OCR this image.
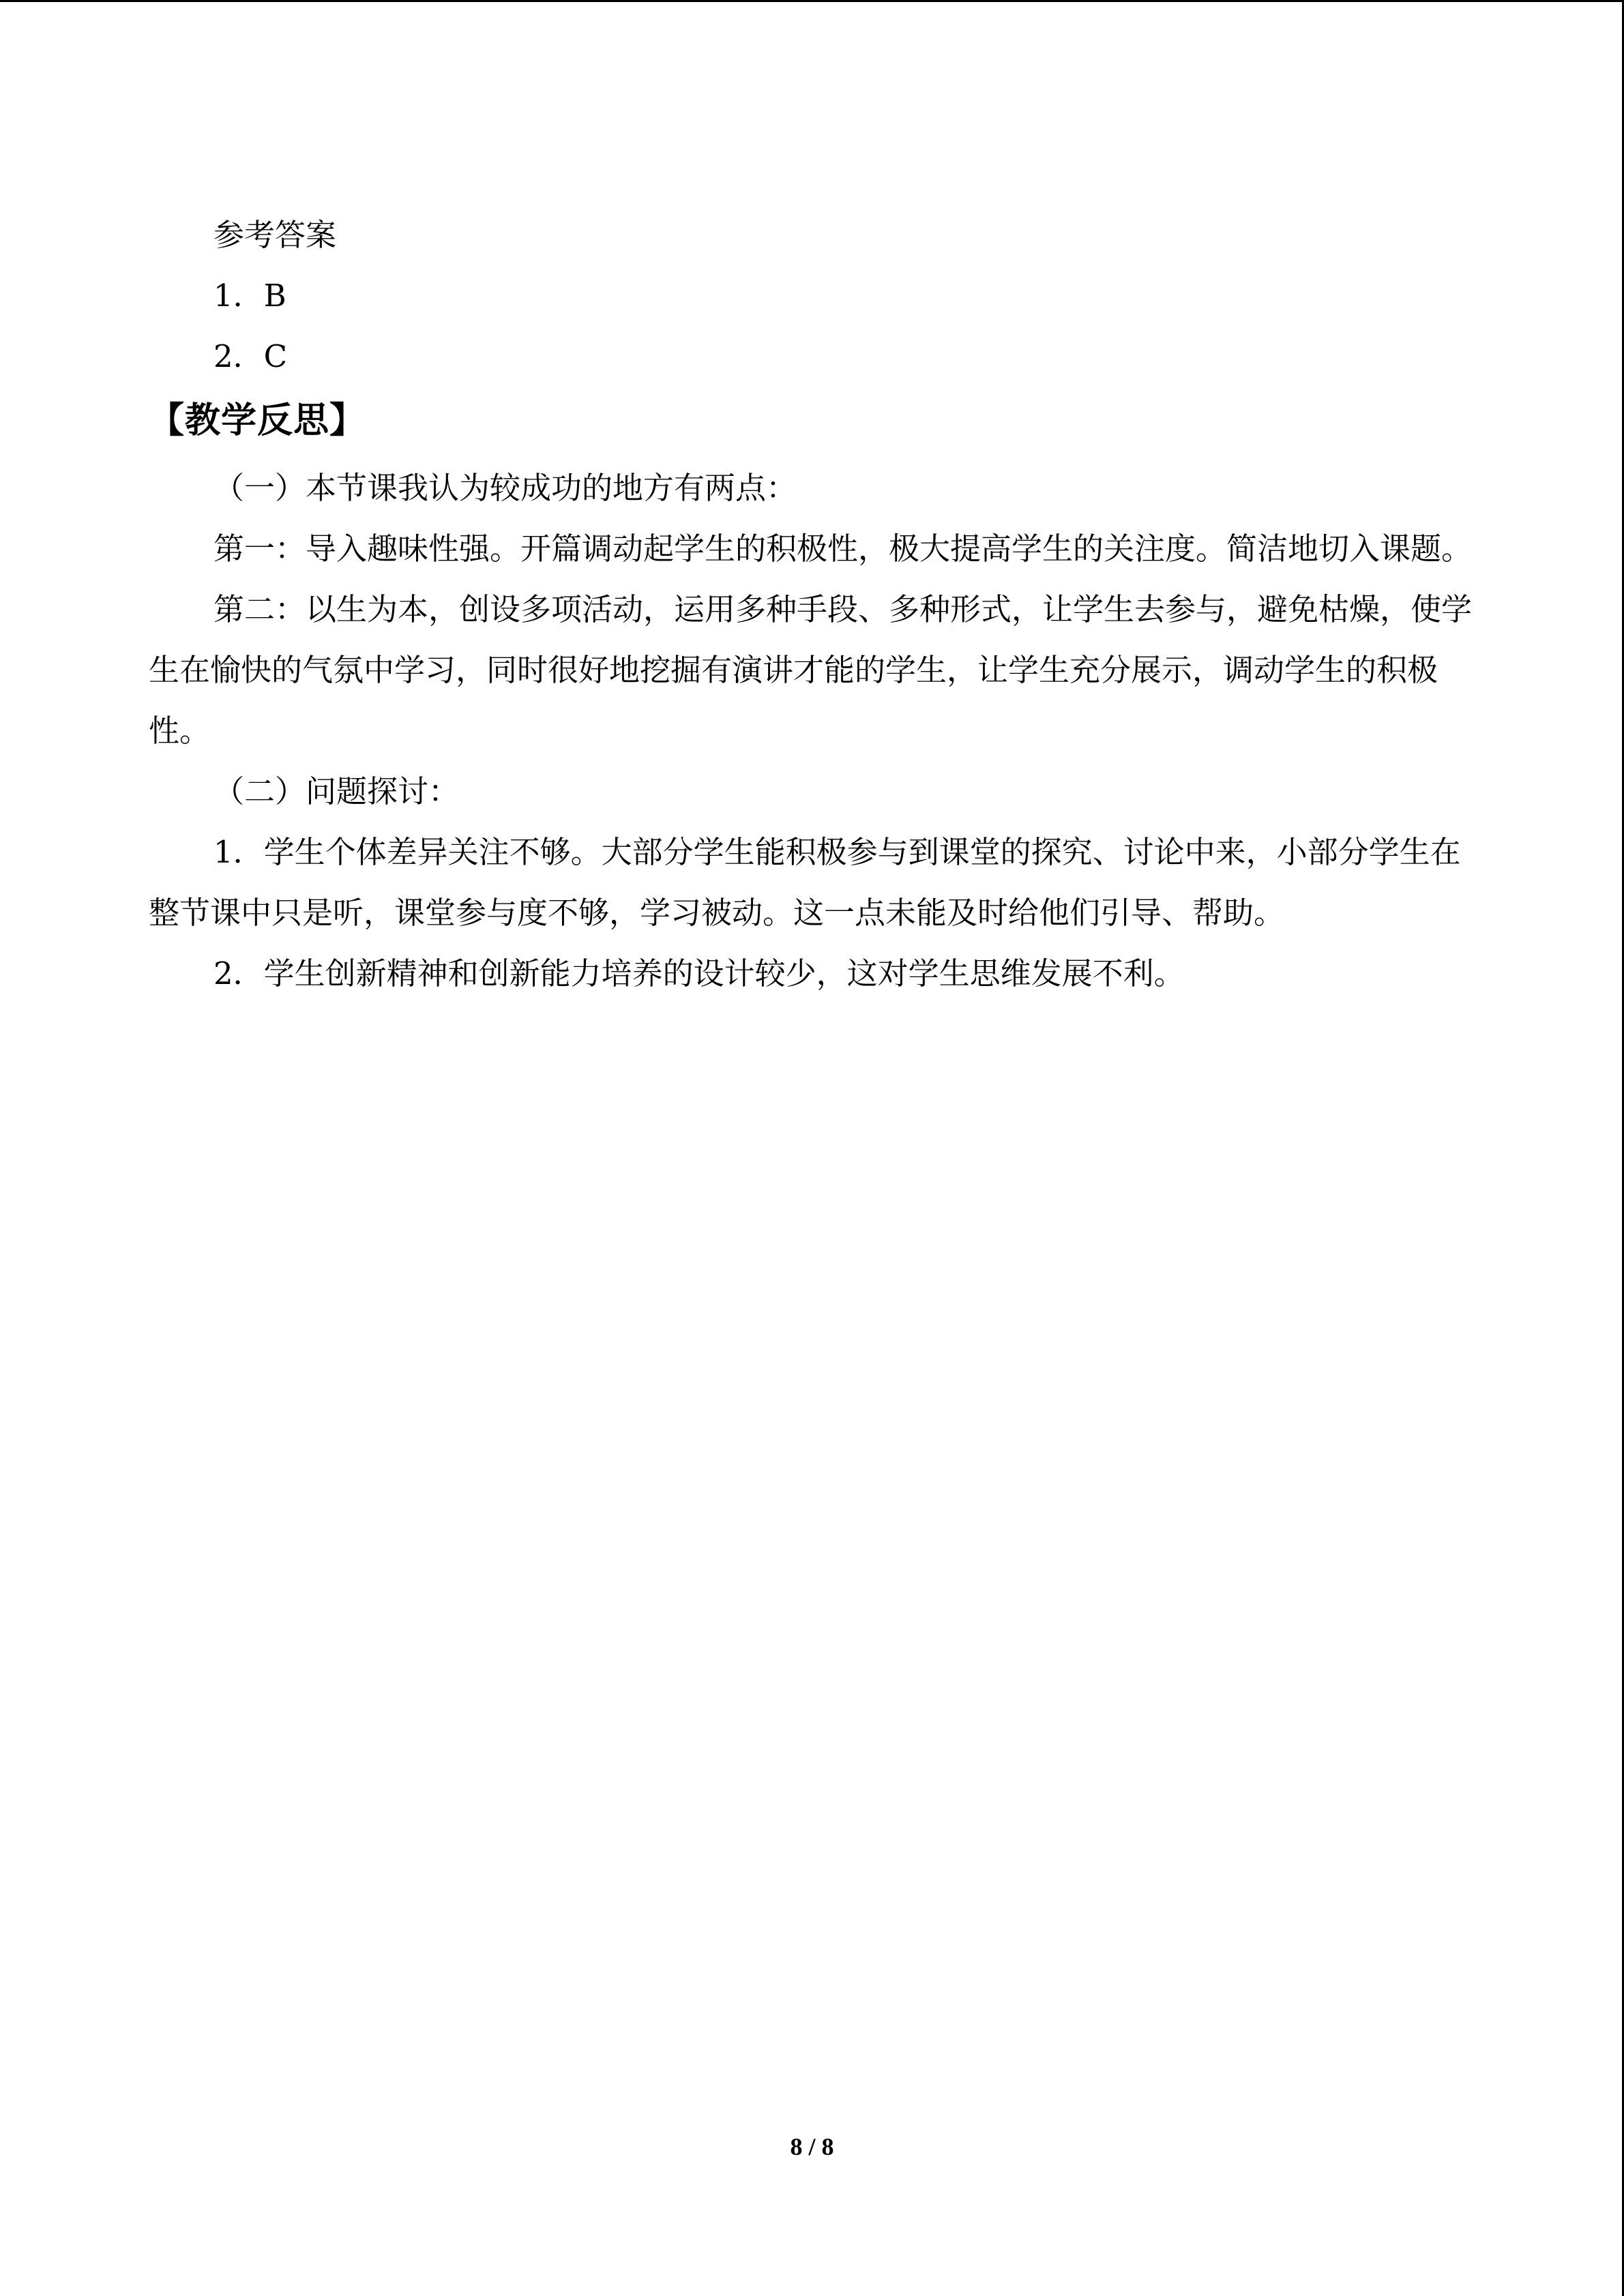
参考答案

1．B

2．C

【教学反思】

（一）本节课我认为较成功的地方有两点：

第一：导入趣味性强。开篇调动起学生的积极性，极大提高学生的关注度。简洁地切入课题。

第二：以生为本，创设多项活动，运用多种手段、多种形式，让学生去参与，避免枯燥，使学生在愉快的气氛中学习，同时很好地挖掘有演讲才能的学生，让学生充分展示，调动学生的积极性。

（二）问题探讨：

1．学生个体差异关注不够。大部分学生能积极参与到课堂的探究、讨论中来，小部分学生在整节课中只是听，课堂参与度不够，学习被动。这一点未能及时给他们引导、帮助。

2．学生创新精神和创新能力培养的设计较少，这对学生思维发展不利。

8 / 8
